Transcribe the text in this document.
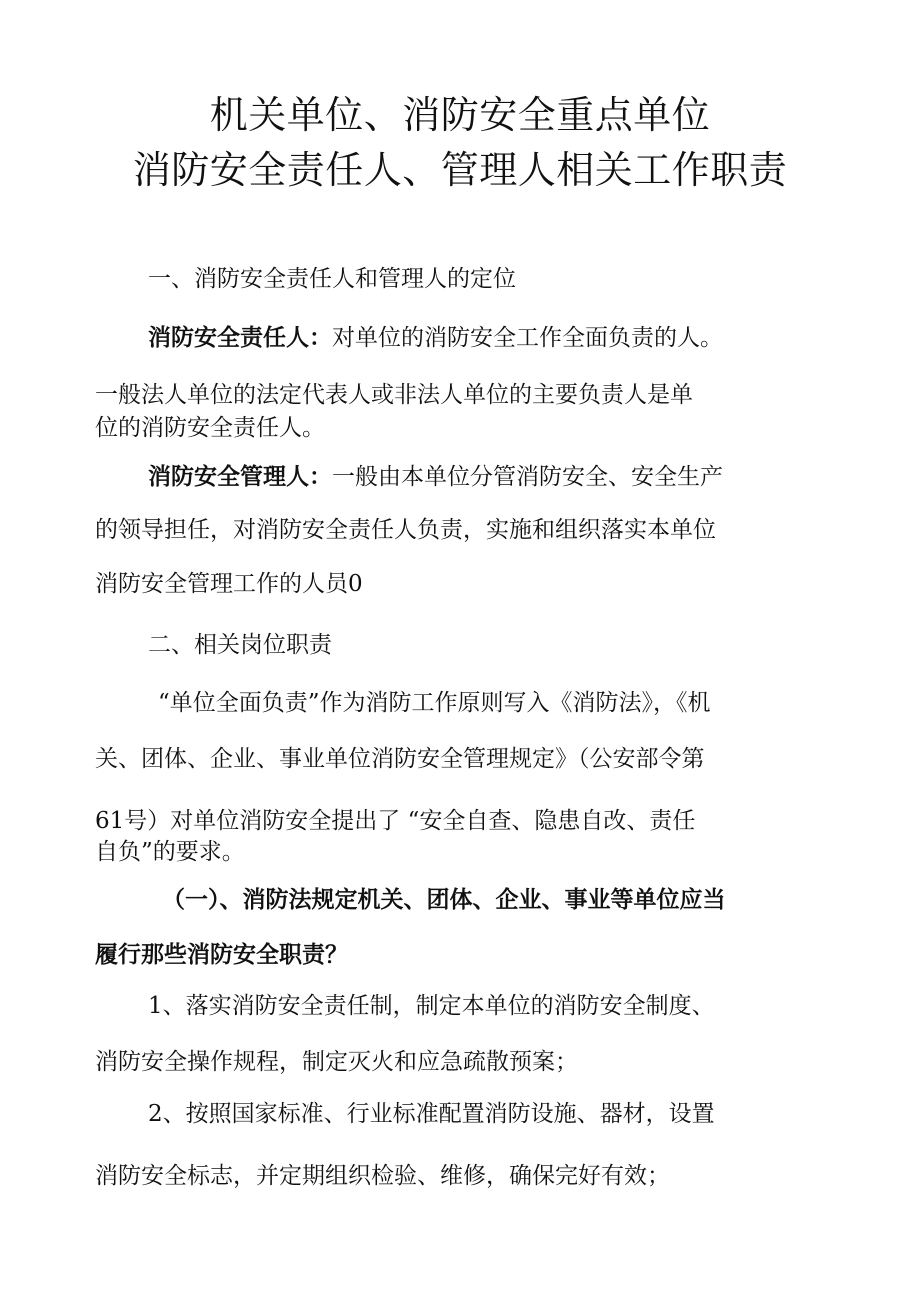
机关单位、消防安全重点单位
消防安全责任人、管理人相关工作职责
一、消防安全责任人和管理人的定位
消防安全责任人：对单位的消防安全工作全面负责的人。
一般法人单位的法定代表人或非法人单位的主要负责人是单
位的消防安全责任人。
消防安全管理人：一般由本单位分管消防安全、安全生产
的领导担任，对消防安全责任人负责，实施和组织落实本单位
消防安全管理工作的人员0
二、相关岗位职责
“单位全面负责”作为消防工作原则写入《消防法》，《机
关、团体、企业、事业单位消防安全管理规定》（公安部令第
61号）对单位消防安全提出了 “安全自查、隐患自改、责任
自负”的要求。
（一）、消防法规定机关、团体、企业、事业等单位应当
履行那些消防安全职责？
1、落实消防安全责任制，制定本单位的消防安全制度、
消防安全操作规程，制定灭火和应急疏散预案；
2、按照国家标准、行业标准配置消防设施、器材，设置
消防安全标志，并定期组织检验、维修，确保完好有效；
